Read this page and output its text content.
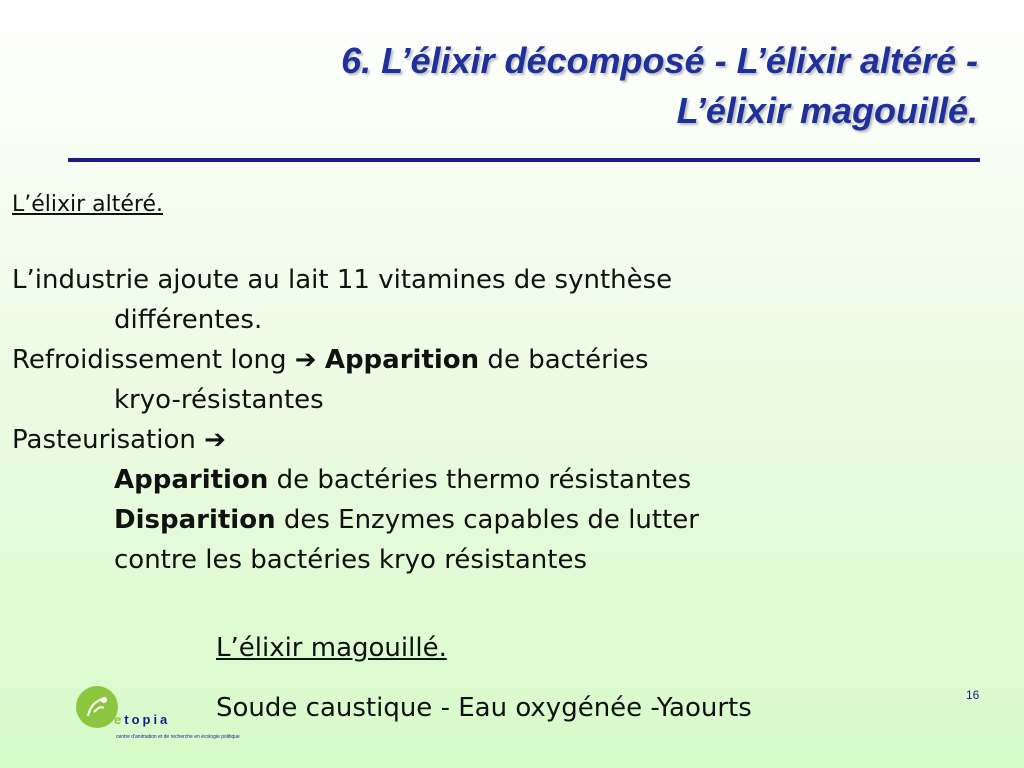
6. L’élixir décomposé - L’élixir altéré -
L’élixir magouillé.
L’élixir altéré.
L’industrie ajoute au lait 11 vitamines de synthèse
différentes.
Refroidissement long ➔ Apparition de bactéries
kryo-résistantes
Pasteurisation ➔
Apparition de bactéries thermo résistantes
Disparition des Enzymes capables de lutter
contre les bactéries kryo résistantes
L’élixir magouillé.
Soude caustique - Eau oxygénée -Yaourts	16
etopia
centre d'animation et de recherche en écologie politique
